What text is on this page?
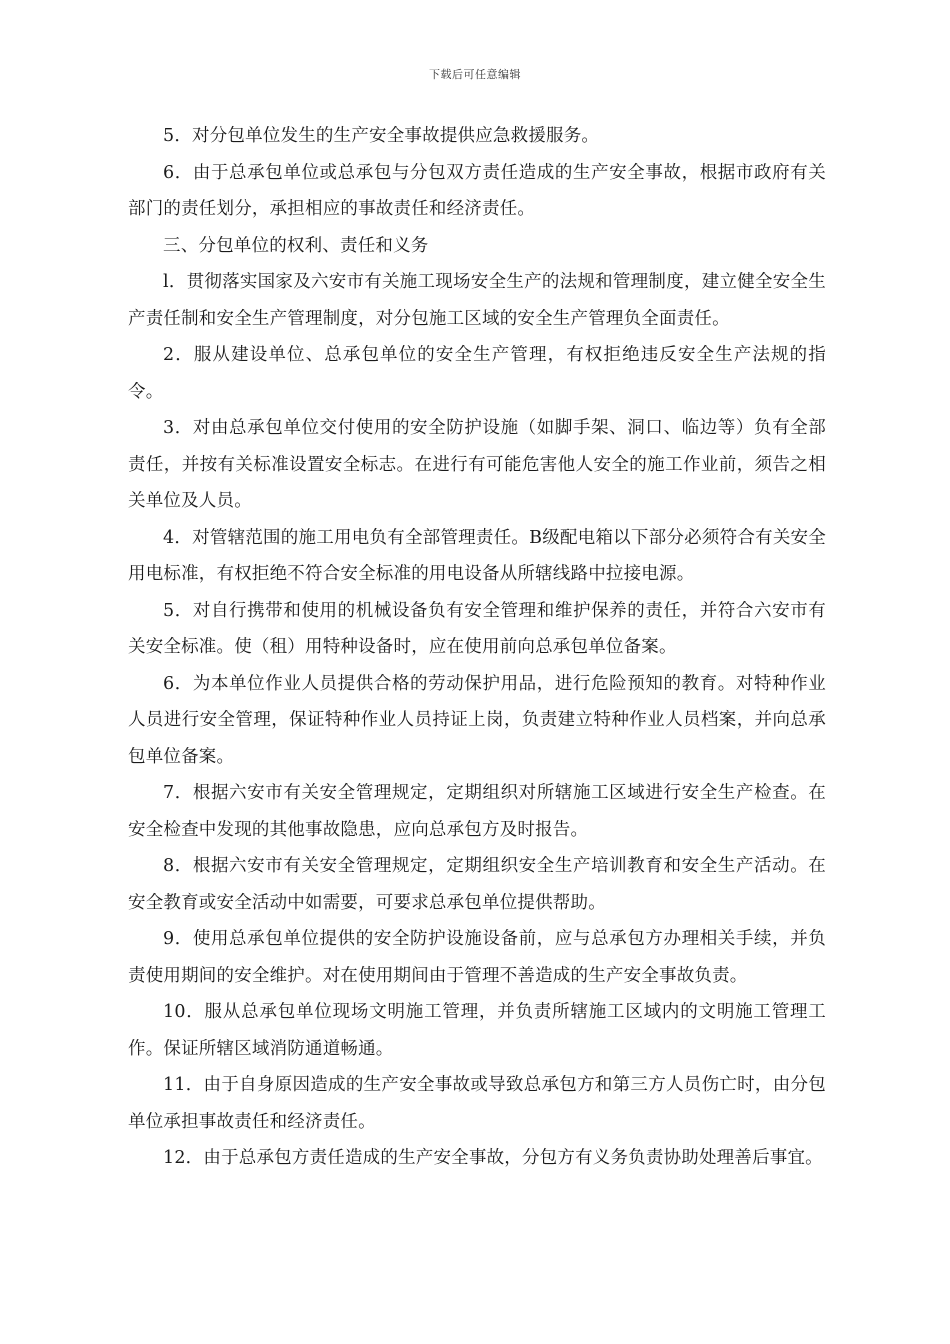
下载后可任意编辑

5．对分包单位发生的生产安全事故提供应急救援服务。

6．由于总承包单位或总承包与分包双方责任造成的生产安全事故，根据市政府有关部门的责任划分，承担相应的事故责任和经济责任。

三、分包单位的权利、责任和义务

l．贯彻落实国家及六安市有关施工现场安全生产的法规和管理制度，建立健全安全生产责任制和安全生产管理制度，对分包施工区域的安全生产管理负全面责任。

2．服从建设单位、总承包单位的安全生产管理，有权拒绝违反安全生产法规的指令。

3．对由总承包单位交付使用的安全防护设施（如脚手架、洞口、临边等）负有全部责任，并按有关标准设置安全标志。在进行有可能危害他人安全的施工作业前，须告之相关单位及人员。

4．对管辖范围的施工用电负有全部管理责任。B级配电箱以下部分必须符合有关安全用电标准，有权拒绝不符合安全标准的用电设备从所辖线路中拉接电源。

5．对自行携带和使用的机械设备负有安全管理和维护保养的责任，并符合六安市有关安全标准。使（租）用特种设备时，应在使用前向总承包单位备案。

6．为本单位作业人员提供合格的劳动保护用品，进行危险预知的教育。对特种作业人员进行安全管理，保证特种作业人员持证上岗，负责建立特种作业人员档案，并向总承包单位备案。

7．根据六安市有关安全管理规定，定期组织对所辖施工区域进行安全生产检查。在安全检查中发现的其他事故隐患，应向总承包方及时报告。

8．根据六安市有关安全管理规定，定期组织安全生产培训教育和安全生产活动。在安全教育或安全活动中如需要，可要求总承包单位提供帮助。

9．使用总承包单位提供的安全防护设施设备前，应与总承包方办理相关手续，并负责使用期间的安全维护。对在使用期间由于管理不善造成的生产安全事故负责。

10．服从总承包单位现场文明施工管理，并负责所辖施工区域内的文明施工管理工作。保证所辖区域消防通道畅通。

11．由于自身原因造成的生产安全事故或导致总承包方和第三方人员伤亡时，由分包单位承担事故责任和经济责任。

12．由于总承包方责任造成的生产安全事故，分包方有义务负责协助处理善后事宜。
